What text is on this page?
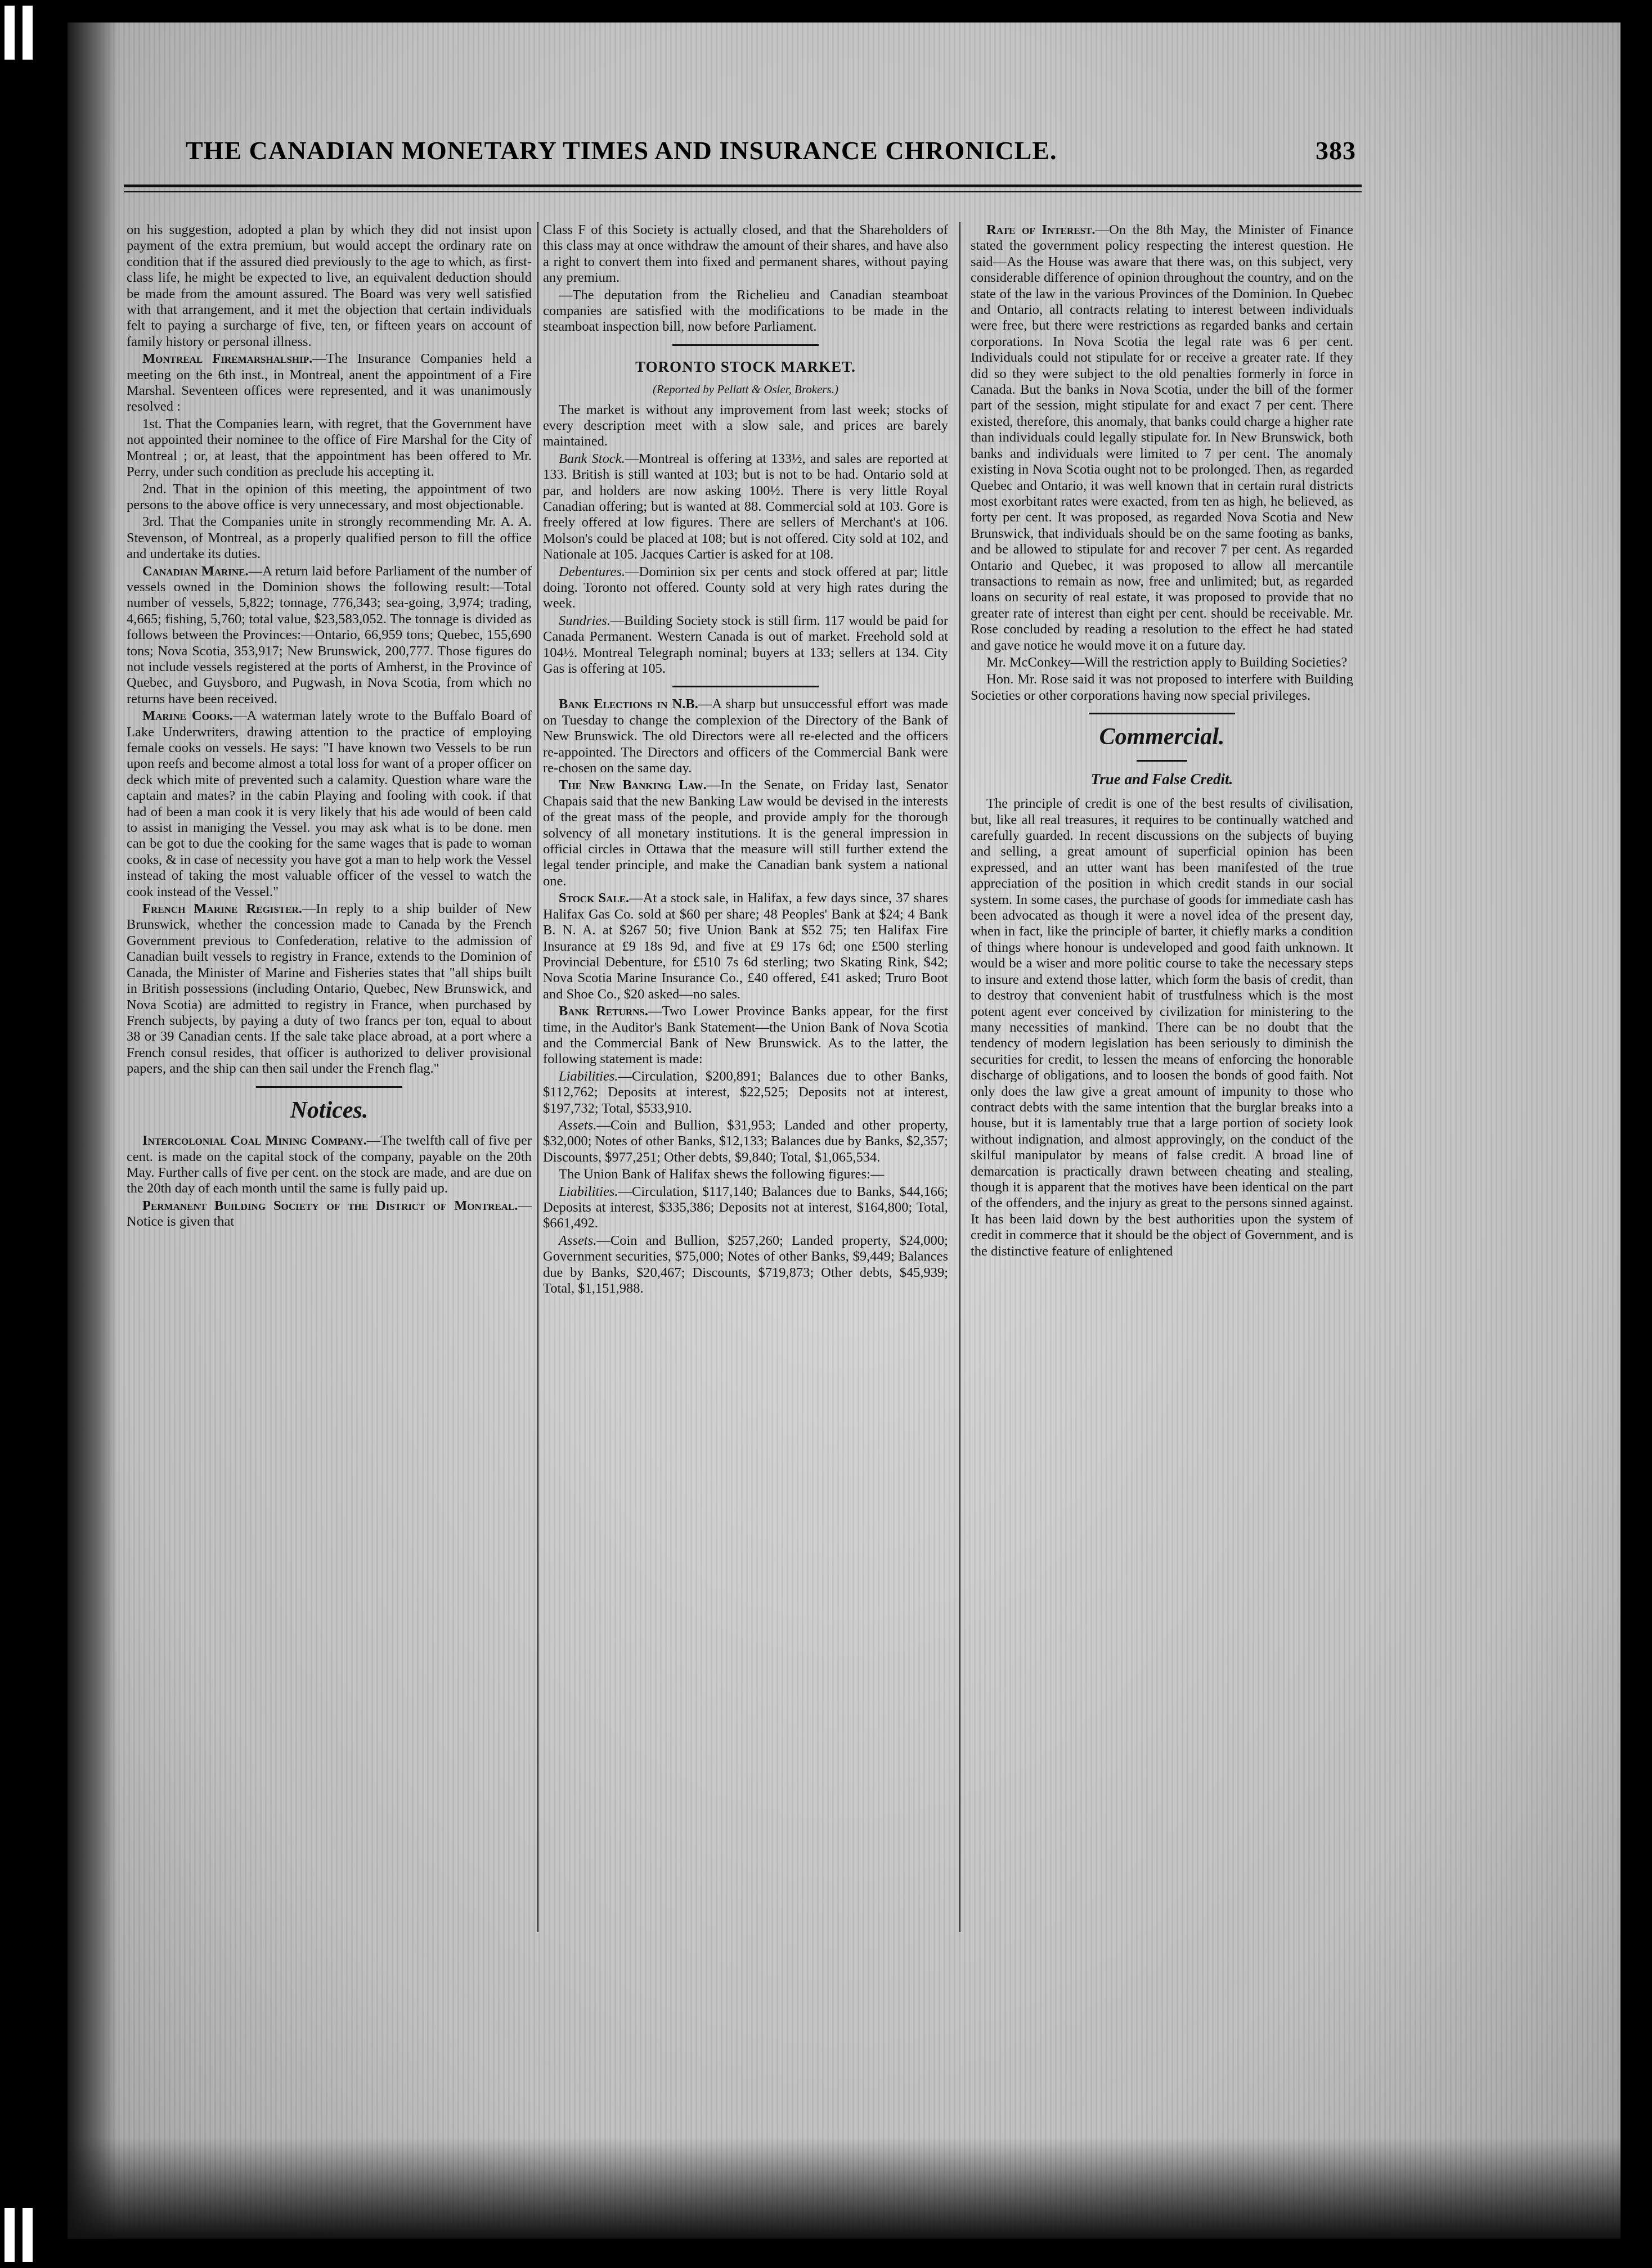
THE CANADIAN MONETARY TIMES AND INSURANCE CHRONICLE.	383

on his suggestion, adopted a plan by which they did not insist upon payment of the extra premium, but would accept the ordinary rate on condition that if the assured died previously to the age to which, as first-class life, he might be expected to live, an equivalent deduction should be made from the amount assured. The Board was very well satisfied with that arrangement, and it met the objection that certain individuals felt to paying a surcharge of five, ten, or fifteen years on account of family history or personal illness.

Montreal Firemarshalship.—The Insurance Companies held a meeting on the 6th inst., in Montreal, anent the appointment of a Fire Marshal. Seventeen offices were represented, and it was unanimously resolved :

1st. That the Companies learn, with regret, that the Government have not appointed their nominee to the office of Fire Marshal for the City of Montreal ; or, at least, that the appointment has been offered to Mr. Perry, under such condition as preclude his accepting it.

2nd. That in the opinion of this meeting, the appointment of two persons to the above office is very unnecessary, and most objectionable.

3rd. That the Companies unite in strongly recommending Mr. A. A. Stevenson, of Montreal, as a properly qualified person to fill the office and undertake its duties.

Canadian Marine.—A return laid before Parliament of the number of vessels owned in the Dominion shows the following result:—Total number of vessels, 5,822; tonnage, 776,343; sea-going, 3,974; trading, 4,665; fishing, 5,760; total value, $23,583,052. The tonnage is divided as follows between the Provinces:—Ontario, 66,959 tons; Quebec, 155,690 tons; Nova Scotia, 353,917; New Brunswick, 200,777. Those figures do not include vessels registered at the ports of Amherst, in the Province of Quebec, and Guysboro, and Pugwash, in Nova Scotia, from which no returns have been received.

Marine Cooks.—A waterman lately wrote to the Buffalo Board of Lake Underwriters, drawing attention to the practice of employing female cooks on vessels. He says: "I have known two Vessels to be run upon reefs and become almost a total loss for want of a proper officer on deck which mite of prevented such a calamity. Question whare ware the captain and mates? in the cabin Playing and fooling with cook. if that had of been a man cook it is very likely that his ade would of been cald to assist in maniging the Vessel. you may ask what is to be done. men can be got to due the cooking for the same wages that is pade to woman cooks, & in case of necessity you have got a man to help work the Vessel instead of taking the most valuable officer of the vessel to watch the cook instead of the Vessel."

French Marine Register.—In reply to a ship builder of New Brunswick, whether the concession made to Canada by the French Government previous to Confederation, relative to the admission of Canadian built vessels to registry in France, extends to the Dominion of Canada, the Minister of Marine and Fisheries states that "all ships built in British possessions (including Ontario, Quebec, New Brunswick, and Nova Scotia) are admitted to registry in France, when purchased by French subjects, by paying a duty of two francs per ton, equal to about 38 or 39 Canadian cents. If the sale take place abroad, at a port where a French consul resides, that officer is authorized to deliver provisional papers, and the ship can then sail under the French flag."

Notices.

Intercolonial Coal Mining Company.—The twelfth call of five per cent. is made on the capital stock of the company, payable on the 20th May. Further calls of five per cent. on the stock are made, and are due on the 20th day of each month until the same is fully paid up.

Permanent Building Society of the District of Montreal.—Notice is given that

Class F of this Society is actually closed, and that the Shareholders of this class may at once withdraw the amount of their shares, and have also a right to convert them into fixed and permanent shares, without paying any premium.

—The deputation from the Richelieu and Canadian steamboat companies are satisfied with the modifications to be made in the steamboat inspection bill, now before Parliament.

TORONTO STOCK MARKET.
(Reported by Pellatt & Osler, Brokers.)

The market is without any improvement from last week; stocks of every description meet with a slow sale, and prices are barely maintained.

Bank Stock.—Montreal is offering at 133½, and sales are reported at 133. British is still wanted at 103; but is not to be had. Ontario sold at par, and holders are now asking 100½. There is very little Royal Canadian offering; but is wanted at 88. Commercial sold at 103. Gore is freely offered at low figures. There are sellers of Merchant's at 106. Molson's could be placed at 108; but is not offered. City sold at 102, and Nationale at 105. Jacques Cartier is asked for at 108.

Debentures.—Dominion six per cents and stock offered at par; little doing. Toronto not offered. County sold at very high rates during the week.

Sundries.—Building Society stock is still firm. 117 would be paid for Canada Permanent. Western Canada is out of market. Freehold sold at 104½. Montreal Telegraph nominal; buyers at 133; sellers at 134. City Gas is offering at 105.

Bank Elections in N.B.—A sharp but unsuccessful effort was made on Tuesday to change the complexion of the Directory of the Bank of New Brunswick. The old Directors were all re-elected and the officers re-appointed. The Directors and officers of the Commercial Bank were re-chosen on the same day.

The New Banking Law.—In the Senate, on Friday last, Senator Chapais said that the new Banking Law would be devised in the interests of the great mass of the people, and provide amply for the thorough solvency of all monetary institutions. It is the general impression in official circles in Ottawa that the measure will still further extend the legal tender principle, and make the Canadian bank system a national one.

Stock Sale.—At a stock sale, in Halifax, a few days since, 37 shares Halifax Gas Co. sold at $60 per share; 48 Peoples' Bank at $24; 4 Bank B. N. A. at $267 50; five Union Bank at $52 75; ten Halifax Fire Insurance at £9 18s 9d, and five at £9 17s 6d; one £500 sterling Provincial Debenture, for £510 7s 6d sterling; two Skating Rink, $42; Nova Scotia Marine Insurance Co., £40 offered, £41 asked; Truro Boot and Shoe Co., $20 asked—no sales.

Bank Returns.—Two Lower Province Banks appear, for the first time, in the Auditor's Bank Statement—the Union Bank of Nova Scotia and the Commercial Bank of New Brunswick. As to the latter, the following statement is made:

Liabilities.—Circulation, $200,891; Balances due to other Banks, $112,762; Deposits at interest, $22,525; Deposits not at interest, $197,732; Total, $533,910.

Assets.—Coin and Bullion, $31,953; Landed and other property, $32,000; Notes of other Banks, $12,133; Balances due by Banks, $2,357; Discounts, $977,251; Other debts, $9,840; Total, $1,065,534.

The Union Bank of Halifax shews the following figures:—

Liabilities.—Circulation, $117,140; Balances due to Banks, $44,166; Deposits at interest, $335,386; Deposits not at interest, $164,800; Total, $661,492.

Assets.—Coin and Bullion, $257,260; Landed property, $24,000; Government securities, $75,000; Notes of other Banks, $9,449; Balances due by Banks, $20,467; Discounts, $719,873; Other debts, $45,939; Total, $1,151,988.

Rate of Interest.—On the 8th May, the Minister of Finance stated the government policy respecting the interest question. He said—As the House was aware that there was, on this subject, very considerable difference of opinion throughout the country, and on the state of the law in the various Provinces of the Dominion. In Quebec and Ontario, all contracts relating to interest between individuals were free, but there were restrictions as regarded banks and certain corporations. In Nova Scotia the legal rate was 6 per cent. Individuals could not stipulate for or receive a greater rate. If they did so they were subject to the old penalties formerly in force in Canada. But the banks in Nova Scotia, under the bill of the former part of the session, might stipulate for and exact 7 per cent. There existed, therefore, this anomaly, that banks could charge a higher rate than individuals could legally stipulate for. In New Brunswick, both banks and individuals were limited to 7 per cent. The anomaly existing in Nova Scotia ought not to be prolonged. Then, as regarded Quebec and Ontario, it was well known that in certain rural districts most exorbitant rates were exacted, from ten as high, he believed, as forty per cent. It was proposed, as regarded Nova Scotia and New Brunswick, that individuals should be on the same footing as banks, and be allowed to stipulate for and recover 7 per cent. As regarded Ontario and Quebec, it was proposed to allow all mercantile transactions to remain as now, free and unlimited; but, as regarded loans on security of real estate, it was proposed to provide that no greater rate of interest than eight per cent. should be receivable. Mr. Rose concluded by reading a resolution to the effect he had stated and gave notice he would move it on a future day.

Mr. McConkey—Will the restriction apply to Building Societies?

Hon. Mr. Rose said it was not proposed to interfere with Building Societies or other corporations having now special privileges.

Commercial.
True and False Credit.

The principle of credit is one of the best results of civilisation, but, like all real treasures, it requires to be continually watched and carefully guarded. In recent discussions on the subjects of buying and selling, a great amount of superficial opinion has been expressed, and an utter want has been manifested of the true appreciation of the position in which credit stands in our social system. In some cases, the purchase of goods for immediate cash has been advocated as though it were a novel idea of the present day, when in fact, like the principle of barter, it chiefly marks a condition of things where honour is undeveloped and good faith unknown. It would be a wiser and more politic course to take the necessary steps to insure and extend those latter, which form the basis of credit, than to destroy that convenient habit of trustfulness which is the most potent agent ever conceived by civilization for ministering to the many necessities of mankind. There can be no doubt that the tendency of modern legislation has been seriously to diminish the securities for credit, to lessen the means of enforcing the honorable discharge of obligations, and to loosen the bonds of good faith. Not only does the law give a great amount of impunity to those who contract debts with the same intention that the burglar breaks into a house, but it is lamentably true that a large portion of society look without indignation, and almost approvingly, on the conduct of the skilful manipulator by means of false credit. A broad line of demarcation is practically drawn between cheating and stealing, though it is apparent that the motives have been identical on the part of the offenders, and the injury as great to the persons sinned against. It has been laid down by the best authorities upon the system of credit in commerce that it should be the object of Government, and is the distinctive feature of enlightened
